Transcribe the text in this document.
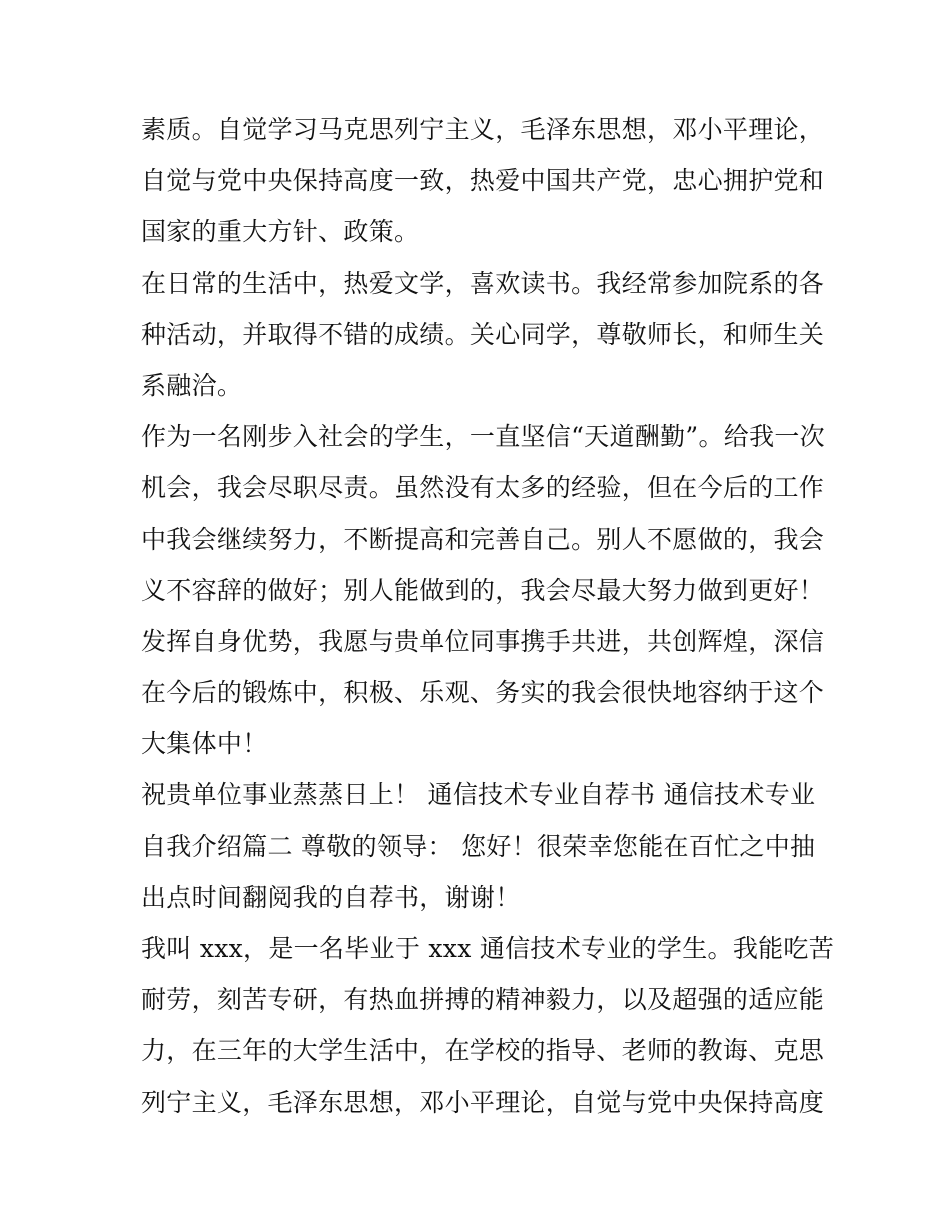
素质。自觉学习马克思列宁主义，毛泽东思想，邓小平理论，
自觉与党中央保持高度一致，热爱中国共产党，忠心拥护党和
国家的重大方针、政策。
在日常的生活中，热爱文学，喜欢读书。我经常参加院系的各
种活动，并取得不错的成绩。关心同学，尊敬师长，和师生关
系融洽。
作为一名刚步入社会的学生，一直坚信“天道酬勤”。给我一次
机会，我会尽职尽责。虽然没有太多的经验，但在今后的工作
中我会继续努力，不断提高和完善自己。别人不愿做的，我会
义不容辞的做好；别人能做到的，我会尽最大努力做到更好！
发挥自身优势，我愿与贵单位同事携手共进，共创辉煌，深信
在今后的锻炼中，积极、乐观、务实的我会很快地容纳于这个
大集体中！
祝贵单位事业蒸蒸日上！ 通信技术专业自荐书 通信技术专业
自我介绍篇二 尊敬的领导： 您好！很荣幸您能在百忙之中抽
出点时间翻阅我的自荐书，谢谢！
我叫 xxx，是一名毕业于 xxx 通信技术专业的学生。我能吃苦
耐劳，刻苦专研，有热血拼搏的精神毅力，以及超强的适应能
力，在三年的大学生活中，在学校的指导、老师的教诲、克思
列宁主义，毛泽东思想，邓小平理论，自觉与党中央保持高度
